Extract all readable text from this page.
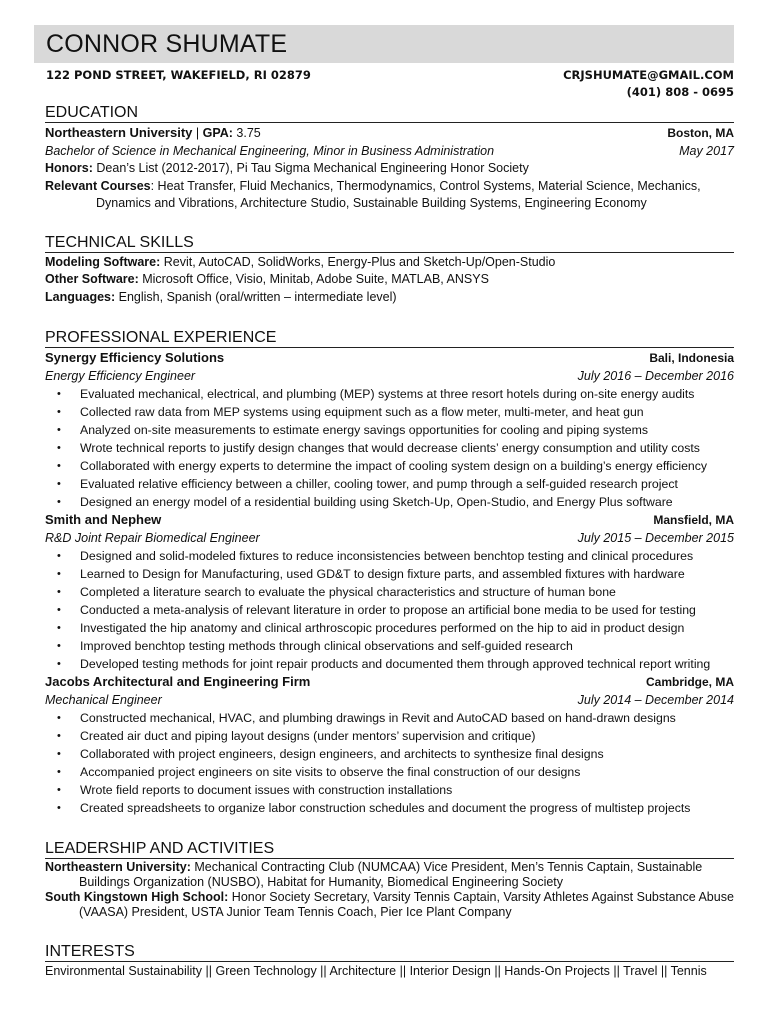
CONNOR SHUMATE
122 POND STREET, WAKEFIELD, RI 02879	CRJSHUMATE@GMAIL.COM
(401) 808 - 0695
EDUCATION
Northeastern University | GPA: 3.75	Boston, MA
Bachelor of Science in Mechanical Engineering, Minor in Business Administration	May 2017
Honors: Dean’s List (2012-2017), Pi Tau Sigma Mechanical Engineering Honor Society
Relevant Courses: Heat Transfer, Fluid Mechanics, Thermodynamics, Control Systems, Material Science, Mechanics, Dynamics and Vibrations, Architecture Studio, Sustainable Building Systems, Engineering Economy
TECHNICAL SKILLS
Modeling Software: Revit, AutoCAD, SolidWorks, Energy-Plus and Sketch-Up/Open-Studio
Other Software: Microsoft Office, Visio, Minitab, Adobe Suite, MATLAB, ANSYS
Languages: English, Spanish (oral/written – intermediate level)
PROFESSIONAL EXPERIENCE
Synergy Efficiency Solutions	Bali, Indonesia
Energy Efficiency Engineer	July 2016 – December 2016
• Evaluated mechanical, electrical, and plumbing (MEP) systems at three resort hotels during on-site energy audits
• Collected raw data from MEP systems using equipment such as a flow meter, multi-meter, and heat gun
• Analyzed on-site measurements to estimate energy savings opportunities for cooling and piping systems
• Wrote technical reports to justify design changes that would decrease clients’ energy consumption and utility costs
• Collaborated with energy experts to determine the impact of cooling system design on a building’s energy efficiency
• Evaluated relative efficiency between a chiller, cooling tower, and pump through a self-guided research project
• Designed an energy model of a residential building using Sketch-Up, Open-Studio, and Energy Plus software
Smith and Nephew	Mansfield, MA
R&D Joint Repair Biomedical Engineer	July 2015 – December 2015
• Designed and solid-modeled fixtures to reduce inconsistencies between benchtop testing and clinical procedures
• Learned to Design for Manufacturing, used GD&T to design fixture parts, and assembled fixtures with hardware
• Completed a literature search to evaluate the physical characteristics and structure of human bone
• Conducted a meta-analysis of relevant literature in order to propose an artificial bone media to be used for testing
• Investigated the hip anatomy and clinical arthroscopic procedures performed on the hip to aid in product design
• Improved benchtop testing methods through clinical observations and self-guided research
• Developed testing methods for joint repair products and documented them through approved technical report writing
Jacobs Architectural and Engineering Firm	Cambridge, MA
Mechanical Engineer	July 2014 – December 2014
• Constructed mechanical, HVAC, and plumbing drawings in Revit and AutoCAD based on hand-drawn designs
• Created air duct and piping layout designs (under mentors’ supervision and critique)
• Collaborated with project engineers, design engineers, and architects to synthesize final designs
• Accompanied project engineers on site visits to observe the final construction of our designs
• Wrote field reports to document issues with construction installations
• Created spreadsheets to organize labor construction schedules and document the progress of multistep projects
LEADERSHIP AND ACTIVITIES
Northeastern University: Mechanical Contracting Club (NUMCAA) Vice President, Men’s Tennis Captain, Sustainable Buildings Organization (NUSBO), Habitat for Humanity, Biomedical Engineering Society
South Kingstown High School: Honor Society Secretary, Varsity Tennis Captain, Varsity Athletes Against Substance Abuse (VAASA) President, USTA Junior Team Tennis Coach, Pier Ice Plant Company
INTERESTS
Environmental Sustainability || Green Technology || Architecture || Interior Design || Hands-On Projects || Travel || Tennis
